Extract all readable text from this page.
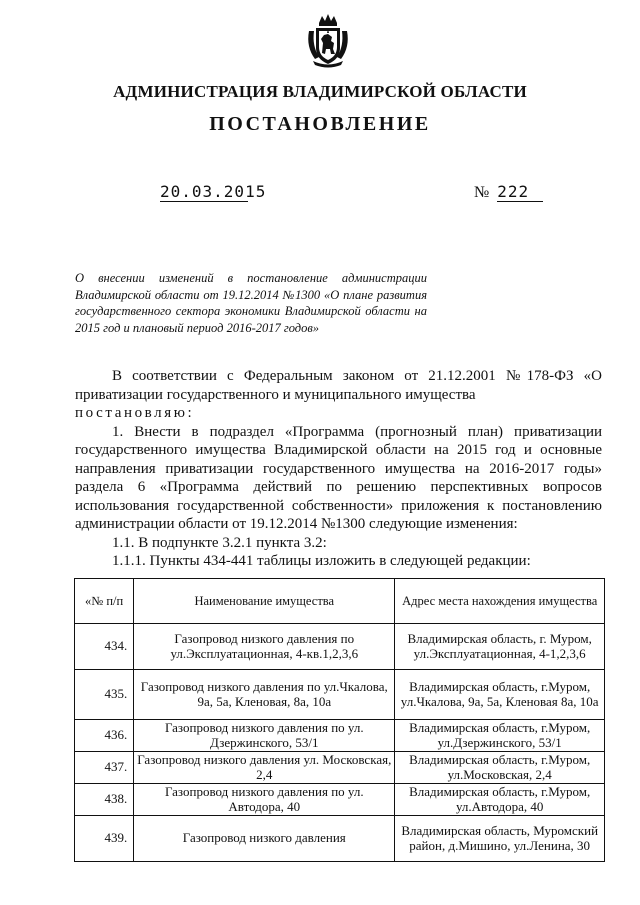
АДМИНИСТРАЦИЯ ВЛАДИМИРСКОЙ ОБЛАСТИ
ПОСТАНОВЛЕНИЕ
20.03.2015	№ 222
О внесении изменений в постановление администрации Владимирской области от 19.12.2014 №1300 «О плане развития государственного сектора экономики Владимирской области на 2015 год и плановый период 2016-2017 годов»

В соответствии с Федеральным законом от 21.12.2001 №178-ФЗ «О приватизации государственного и муниципального имущества

постановляю:

1. Внести в подраздел «Программа (прогнозный план) приватизации государственного имущества Владимирской области на 2015 год и основные направления приватизации государственного имущества на 2016-2017 годы» раздела 6 «Программа действий по решению перспективных вопросов использования государственной собственности» приложения к постановлению администрации области от 19.12.2014 №1300 следующие изменения:

1.1. В подпункте 3.2.1 пункта 3.2:

1.1.1. Пункты 434-441 таблицы изложить в следующей редакции:

«№ п/п	Наименование имущества	Адрес места нахождения имущества
434.	Газопровод низкого давления по ул.Эксплуатационная, 4-кв.1,2,3,6	Владимирская область, г. Муром, ул.Эксплуатационная, 4-1,2,3,6
435.	Газопровод низкого давления по ул.Чкалова, 9а, 5а, Кленовая, 8а, 10а	Владимирская область, г.Муром, ул.Чкалова, 9а, 5а, Кленовая 8а, 10а
436.	Газопровод низкого давления по ул. Дзержинского, 53/1	Владимирская область, г.Муром, ул.Дзержинского, 53/1
437.	Газопровод низкого давления ул. Московская, 2,4	Владимирская область, г.Муром, ул.Московская, 2,4
438.	Газопровод низкого давления по ул. Автодора, 40	Владимирская область, г.Муром, ул.Автодора, 40
439.	Газопровод низкого давления	Владимирская область, Муромский район, д.Мишино, ул.Ленина, 30
